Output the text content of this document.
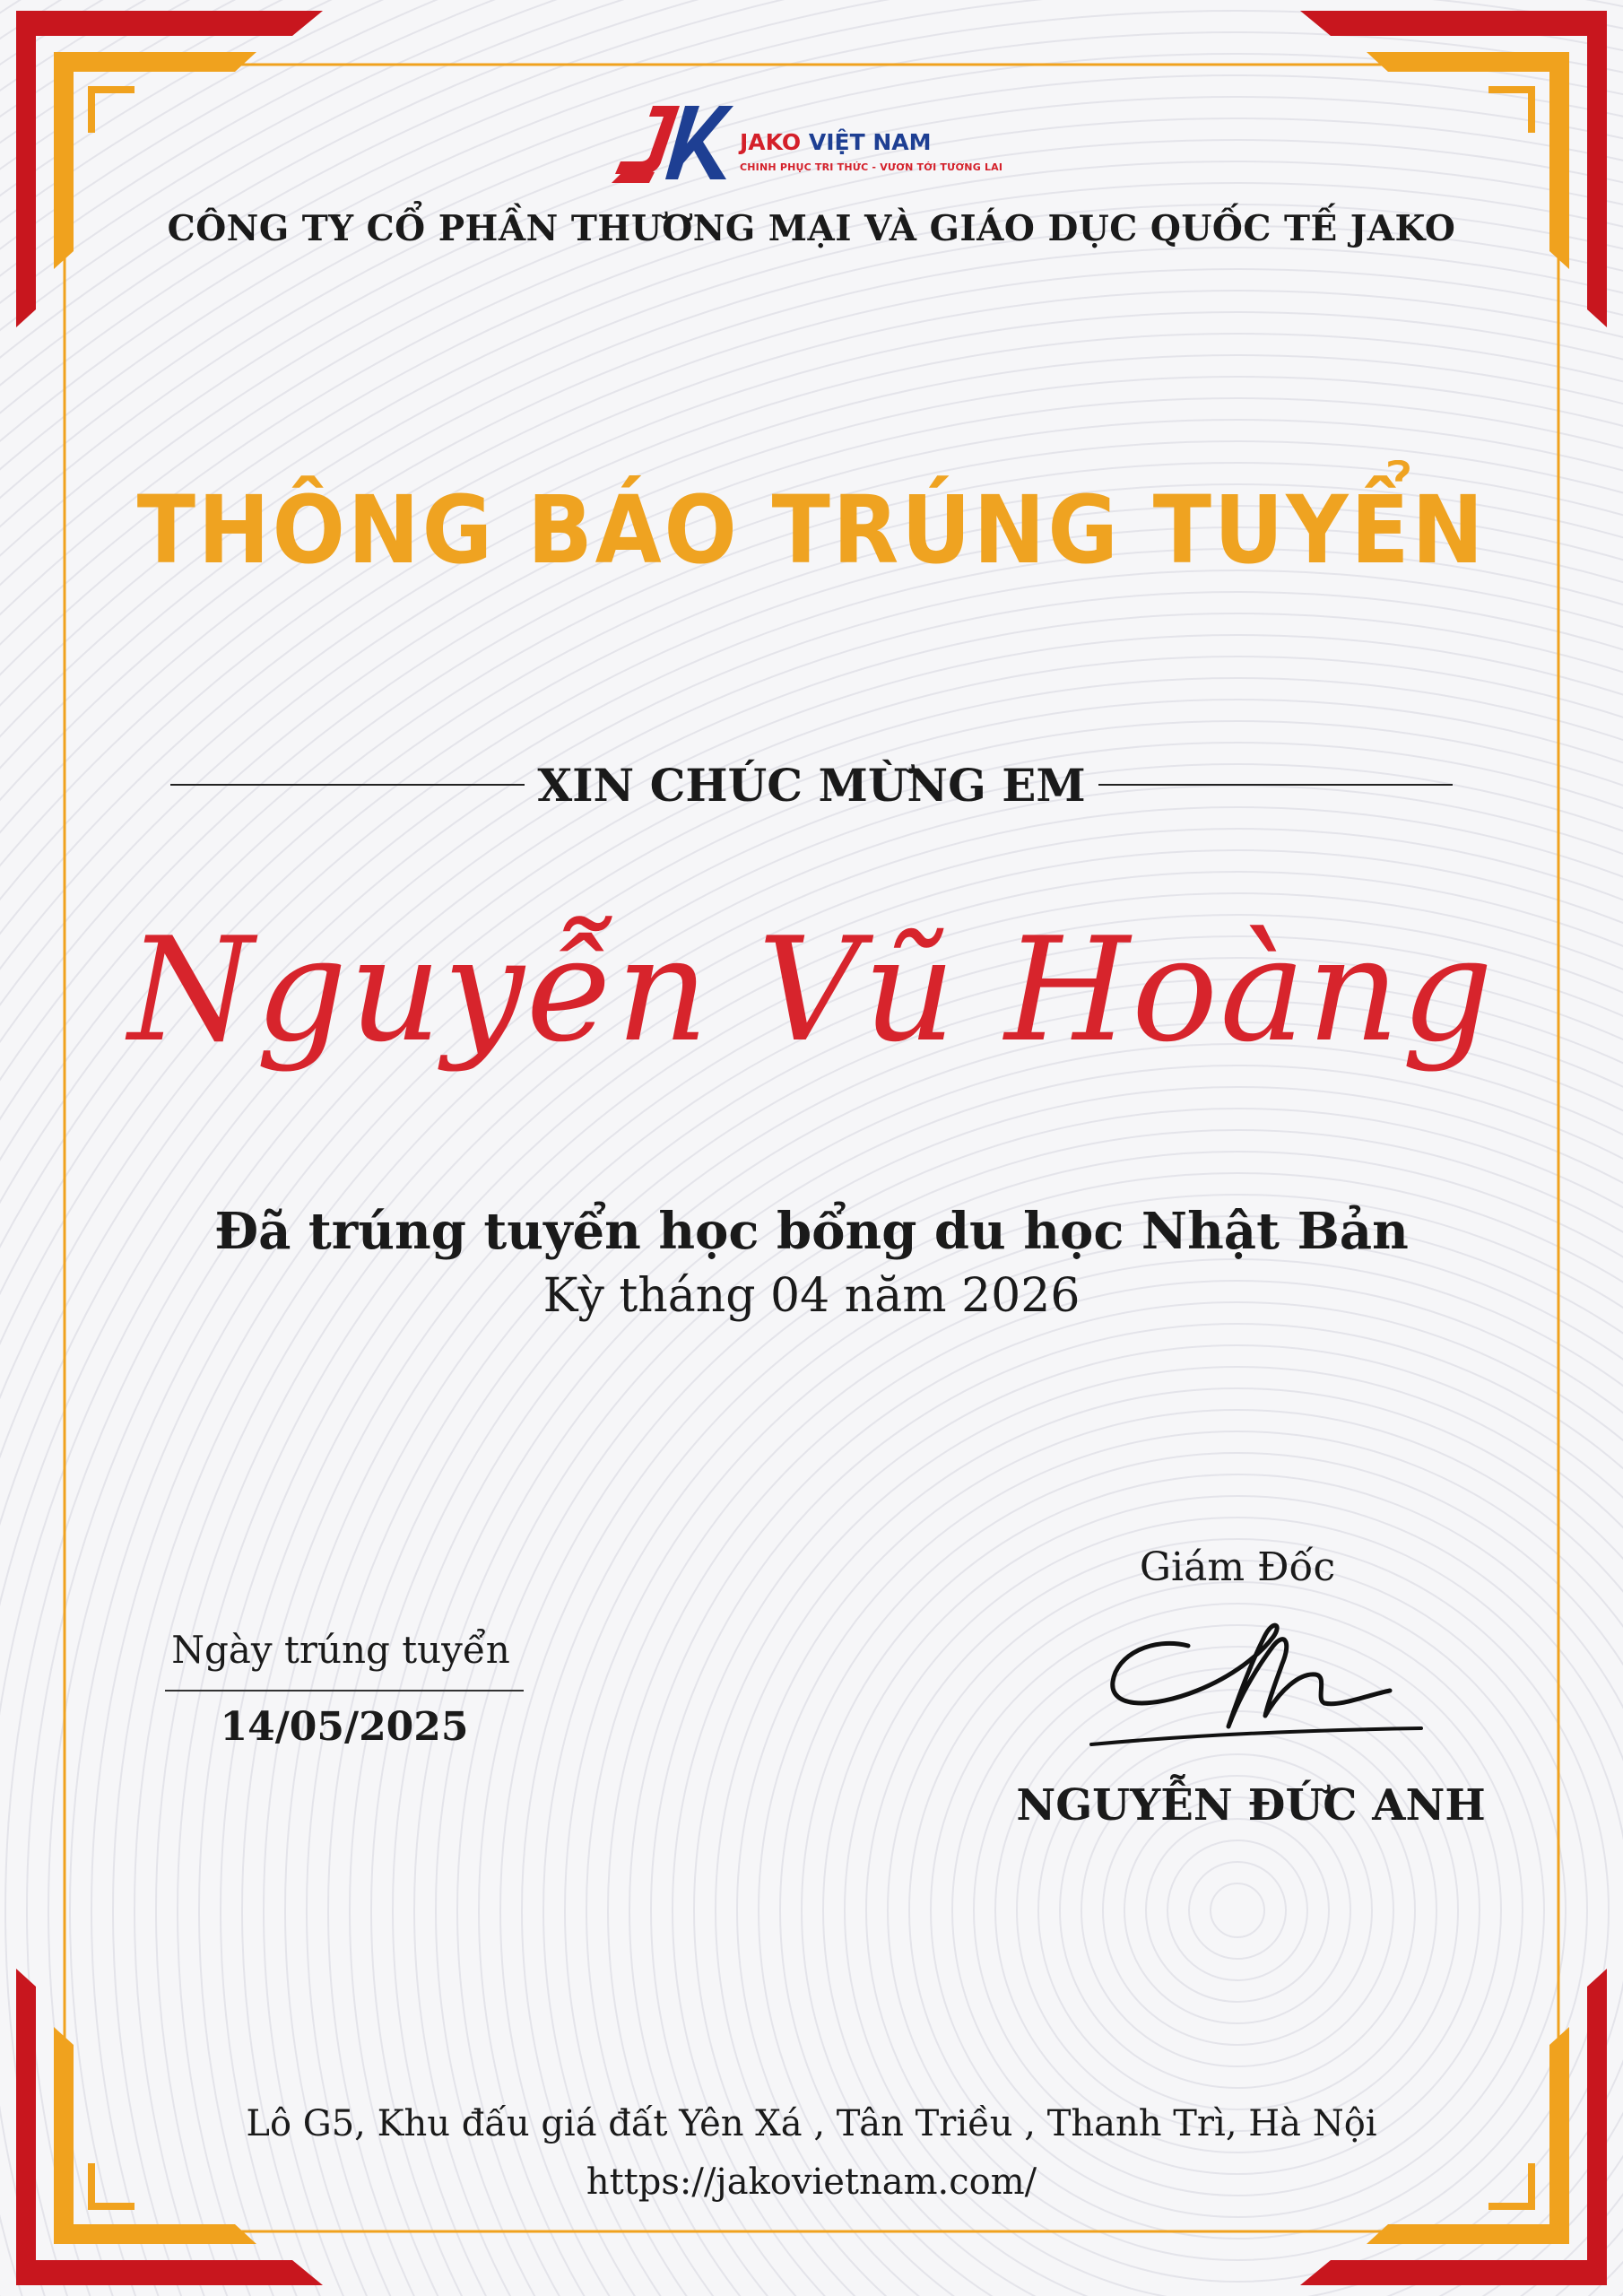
JAKO VIỆT NAM
CHINH PHỤC TRI THỨC - VƯƠN TỚI TƯƠNG LAI
CÔNG TY CỔ PHẦN THƯƠNG MẠI VÀ GIÁO DỤC QUỐC TẾ JAKO
THÔNG BÁO TRÚNG TUYỂN
XIN CHÚC MỪNG EM
Nguyễn Vũ Hoàng
Đã trúng tuyển học bổng du học Nhật Bản
Kỳ tháng 04 năm 2026
Ngày trúng tuyển
14/05/2025
Giám Đốc
NGUYỄN ĐỨC ANH
Lô G5, Khu đấu giá đất Yên Xá , Tân Triều , Thanh Trì, Hà Nội
https://jakovietnam.com/
